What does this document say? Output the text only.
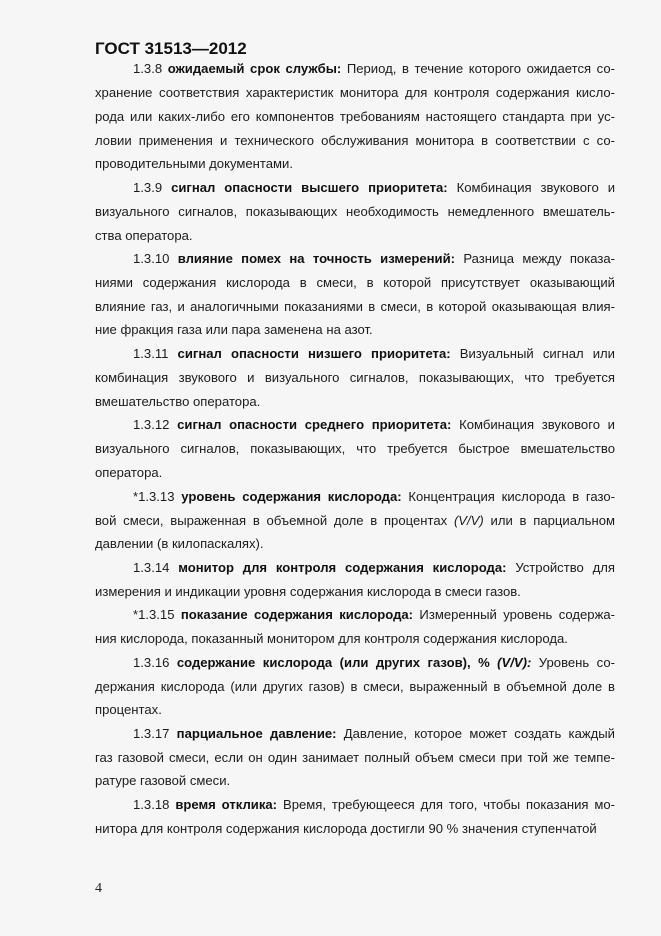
ГОСТ 31513—2012
1.3.8 ожидаемый срок службы: Период, в течение которого ожидается со-
хранение соответствия характеристик монитора для контроля содержания кисло-
рода или каких-либо его компонентов требованиям настоящего стандарта при ус-
ловии применения и технического обслуживания монитора в соответствии с со-
проводительными документами.
1.3.9 сигнал опасности высшего приоритета: Комбинация звукового и
визуального сигналов, показывающих необходимость немедленного вмешатель-
ства оператора.
1.3.10 влияние помех на точность измерений: Разница между показа-
ниями содержания кислорода в смеси, в которой присутствует оказывающий
влияние газ, и аналогичными показаниями в смеси, в которой оказывающая влия-
ние фракция газа или пара заменена на азот.
1.3.11 сигнал опасности низшего приоритета: Визуальный сигнал или
комбинация звукового и визуального сигналов, показывающих, что требуется
вмешательство оператора.
1.3.12 сигнал опасности среднего приоритета: Комбинация звукового и
визуального сигналов, показывающих, что требуется быстрое вмешательство
оператора.
*1.3.13 уровень содержания кислорода: Концентрация кислорода в газо-
вой смеси, выраженная в объемной доле в процентах (V/V) или в парциальном
давлении (в килопаскалях).
1.3.14 монитор для контроля содержания кислорода: Устройство для
измерения и индикации уровня содержания кислорода в смеси газов.
*1.3.15 показание содержания кислорода: Измеренный уровень содержа-
ния кислорода, показанный монитором для контроля содержания кислорода.
1.3.16 содержание кислорода (или других газов), % (V/V): Уровень со-
держания кислорода (или других газов) в смеси, выраженный в объемной доле в
процентах.
1.3.17 парциальное давление: Давление, которое может создать каждый
газ газовой смеси, если он один занимает полный объем смеси при той же темпе-
ратуре газовой смеси.
1.3.18 время отклика: Время, требующееся для того, чтобы показания мо-
нитора для контроля содержания кислорода достигли 90 % значения ступенчатой
4
